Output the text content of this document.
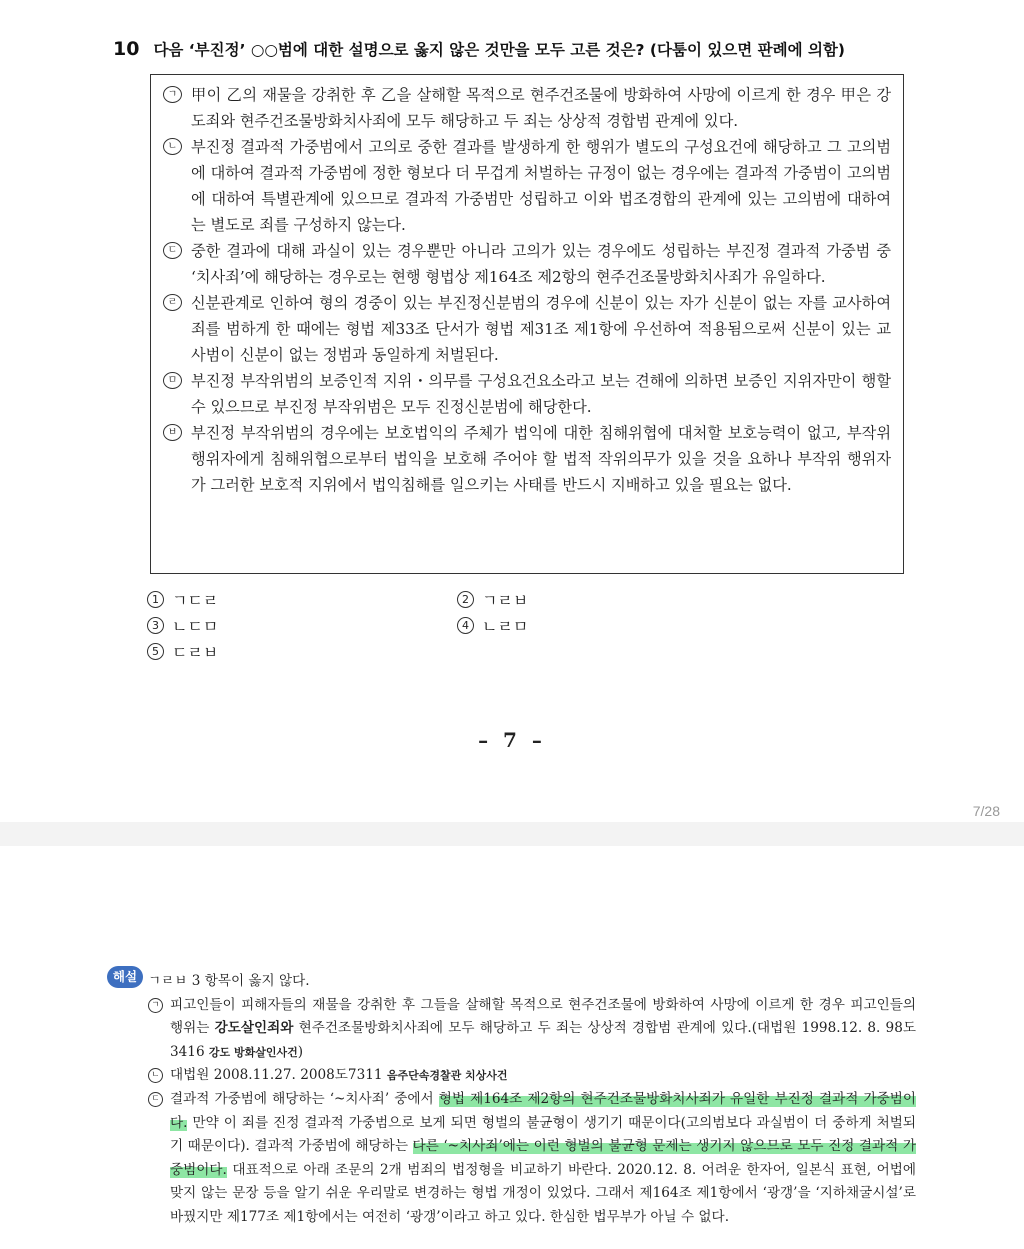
10 다음 ‘부진정’ ○○범에 대한 설명으로 옳지 않은 것만을 모두 고른 것은? (다툼이 있으면 판례에 의함)
ㄱ 甲이 乙의 재물을 강취한 후 乙을 살해할 목적으로 현주건조물에 방화하여 사망에 이르게 한 경우 甲은 강도죄와 현주건조물방화치사죄에 모두 해당하고 두 죄는 상상적 경합범 관계에 있다.
ㄴ 부진정 결과적 가중범에서 고의로 중한 결과를 발생하게 한 행위가 별도의 구성요건에 해당하고 그 고의범에 대하여 결과적 가중범에 정한 형보다 더 무겁게 처벌하는 규정이 없는 경우에는 결과적 가중범이 고의범에 대하여 특별관계에 있으므로 결과적 가중범만 성립하고 이와 법조경합의 관계에 있는 고의범에 대하여는 별도로 죄를 구성하지 않는다.
ㄷ 중한 결과에 대해 과실이 있는 경우뿐만 아니라 고의가 있는 경우에도 성립하는 부진정 결과적 가중범 중 ‘치사죄’에 해당하는 경우로는 현행 형법상 제164조 제2항의 현주건조물방화치사죄가 유일하다.
ㄹ 신분관계로 인하여 형의 경중이 있는 부진정신분범의 경우에 신분이 있는 자가 신분이 없는 자를 교사하여 죄를 범하게 한 때에는 형법 제33조 단서가 형법 제31조 제1항에 우선하여 적용됨으로써 신분이 있는 교사범이 신분이 없는 정범과 동일하게 처벌된다.
ㅁ 부진정 부작위범의 보증인적 지위・의무를 구성요건요소라고 보는 견해에 의하면 보증인 지위자만이 행할 수 있으므로 부진정 부작위범은 모두 진정신분범에 해당한다.
ㅂ 부진정 부작위범의 경우에는 보호법익의 주체가 법익에 대한 침해위협에 대처할 보호능력이 없고, 부작위행위자에게 침해위협으로부터 법익을 보호해 주어야 할 법적 작위의무가 있을 것을 요하나 부작위 행위자가 그러한 보호적 지위에서 법익침해를 일으키는 사태를 반드시 지배하고 있을 필요는 없다.
1 ㄱㄷㄹ	2 ㄱㄹㅂ
3 ㄴㄷㅁ	4 ㄴㄹㅁ
5 ㄷㄹㅂ
– 7 –
7/28
해설 ㄱㄹㅂ 3 항목이 옳지 않다.
ㄱ 피고인들이 피해자들의 재물을 강취한 후 그들을 살해할 목적으로 현주건조물에 방화하여 사망에 이르게 한 경우 피고인들의 행위는 강도살인죄와 현주건조물방화치사죄에 모두 해당하고 두 죄는 상상적 경합범 관계에 있다.(대법원 1998.12. 8. 98도3416 강도 방화살인사건)
ㄴ 대법원 2008.11.27. 2008도7311 음주단속경찰관 치상사건
ㄷ 결과적 가중범에 해당하는 ‘~치사죄’ 중에서 형법 제164조 제2항의 현주건조물방화치사죄가 유일한 부진정 결과적 가중범이다. 만약 이 죄를 진정 결과적 가중범으로 보게 되면 형벌의 불균형이 생기기 때문이다(고의범보다 과실범이 더 중하게 처벌되기 때문이다). 결과적 가중범에 해당하는 다른 ‘~치사죄’에는 이런 형벌의 불균형 문제는 생기지 않으므로 모두 진정 결과적 가중범이다. 대표적으로 아래 조문의 2개 범죄의 법정형을 비교하기 바란다. 2020.12. 8. 어려운 한자어, 일본식 표현, 어법에 맞지 않는 문장 등을 알기 쉬운 우리말로 변경하는 형법 개정이 있었다. 그래서 제164조 제1항에서 ‘광갱’을 ‘지하채굴시설’로 바꿨지만 제177조 제1항에서는 여전히 ‘광갱’이라고 하고 있다. 한심한 법무부가 아닐 수 없다.
